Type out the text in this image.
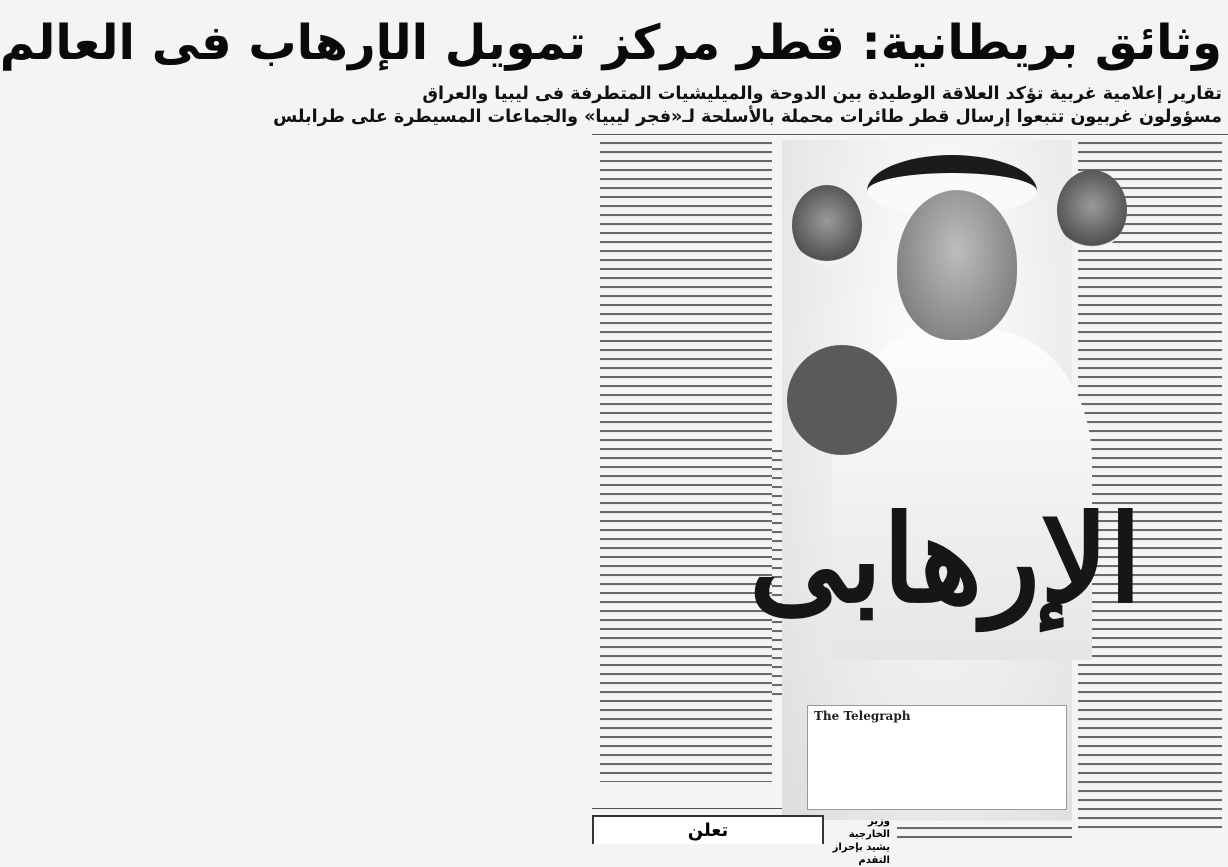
وثائق بريطانية: قطر مركز تمويل الإرهاب فى العالم
تقارير إعلامية غربية تؤكد العلاقة الوطيدة بين الدوحة والميليشيات المتطرفة فى ليبيا والعراق
مسؤولون غربيون تتبعوا إرسال قطر طائرات محملة بالأسلحة لـ«فجر ليبيا» والجماعات المسيطرة على طرابلس
الإرهابى
The Telegraph
تعلن	وزير الخارجية يشيد بإحراز التقدم
